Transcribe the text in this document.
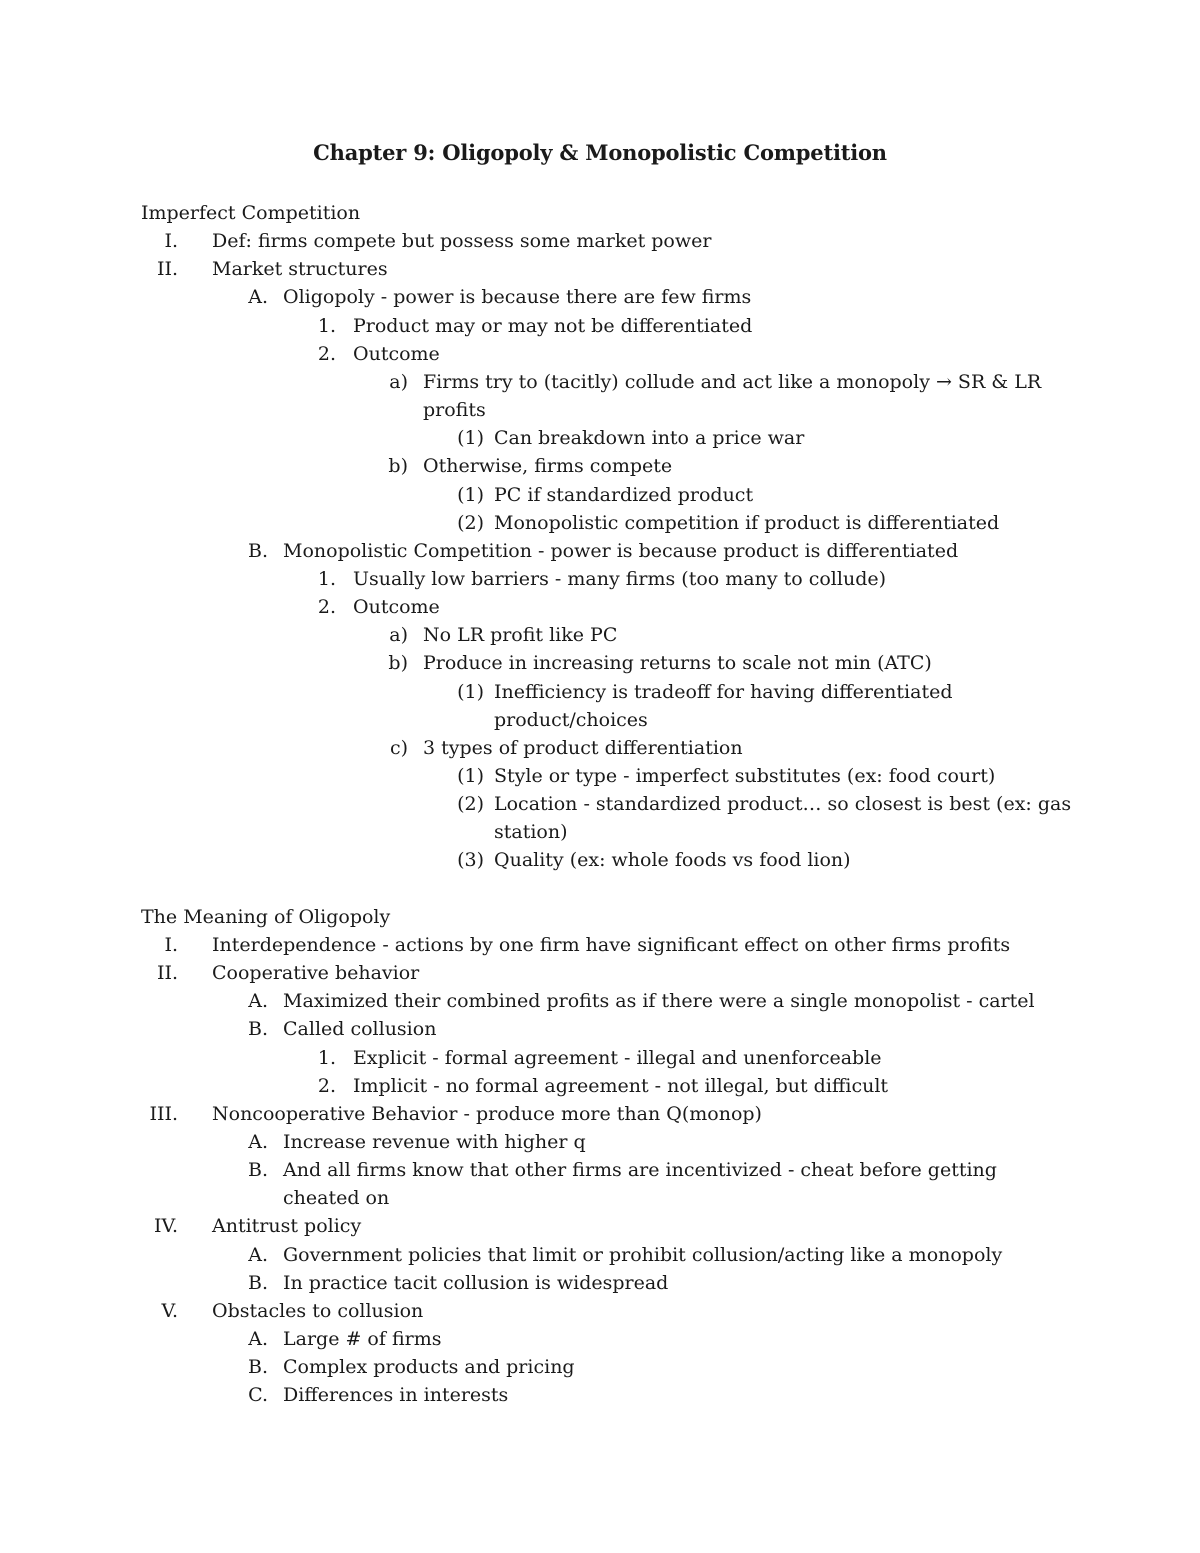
Chapter 9: Oligopoly & Monopolistic Competition
Imperfect Competition
I. Def: firms compete but possess some market power
II. Market structures
A. Oligopoly - power is because there are few firms
1. Product may or may not be differentiated
2. Outcome
a) Firms try to (tacitly) collude and act like a monopoly → SR & LR
profits
(1) Can breakdown into a price war
b) Otherwise, firms compete
(1) PC if standardized product
(2) Monopolistic competition if product is differentiated
B. Monopolistic Competition - power is because product is differentiated
1. Usually low barriers - many firms (too many to collude)
2. Outcome
a) No LR profit like PC
b) Produce in increasing returns to scale not min (ATC)
(1) Inefficiency is tradeoff for having differentiated
product/choices
c) 3 types of product differentiation
(1) Style or type - imperfect substitutes (ex: food court)
(2) Location - standardized product… so closest is best (ex: gas
station)
(3) Quality (ex: whole foods vs food lion)
The Meaning of Oligopoly
I. Interdependence - actions by one firm have significant effect on other firms profits
II. Cooperative behavior
A. Maximized their combined profits as if there were a single monopolist - cartel
B. Called collusion
1. Explicit - formal agreement - illegal and unenforceable
2. Implicit - no formal agreement - not illegal, but difficult
III. Noncooperative Behavior - produce more than Q(monop)
A. Increase revenue with higher q
B. And all firms know that other firms are incentivized - cheat before getting
cheated on
IV. Antitrust policy
A. Government policies that limit or prohibit collusion/acting like a monopoly
B. In practice tacit collusion is widespread
V. Obstacles to collusion
A. Large # of firms
B. Complex products and pricing
C. Differences in interests
